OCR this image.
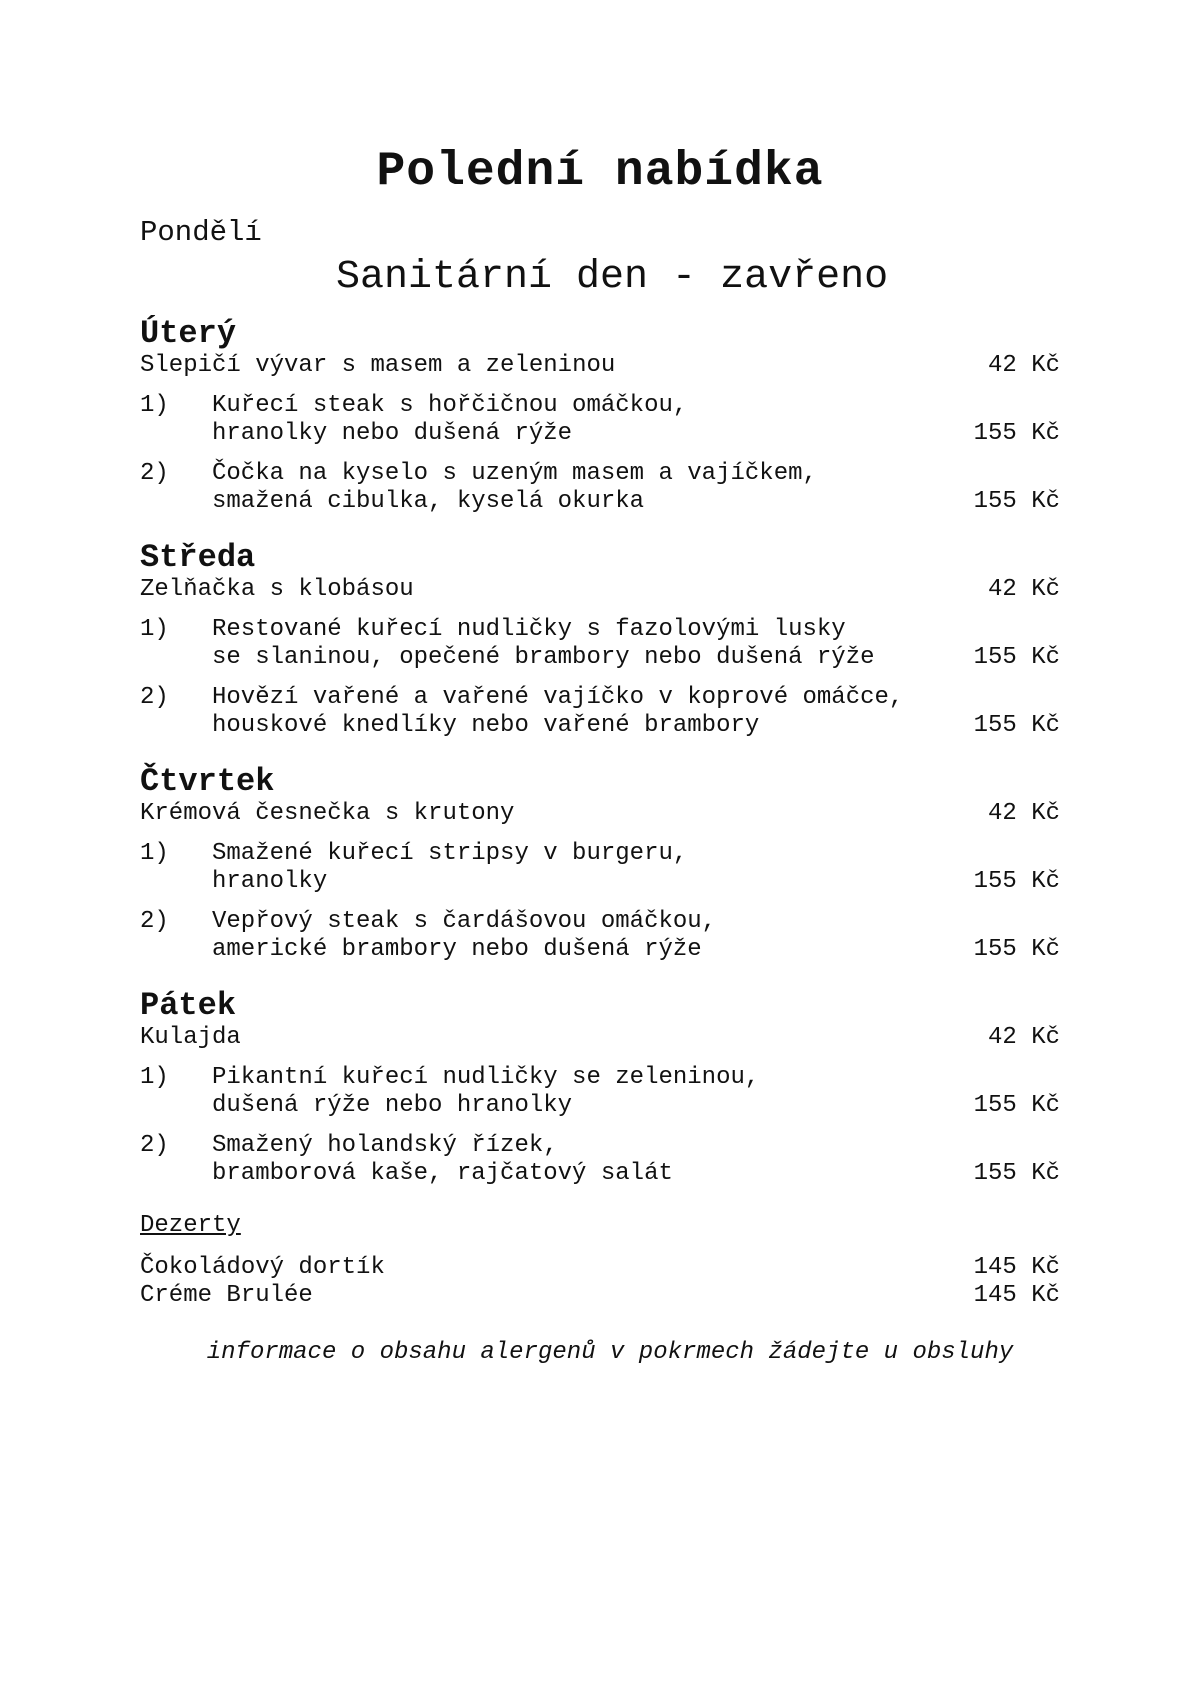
Polední nabídka
Pondělí
Sanitární den - zavřeno
Úterý
Slepičí vývar s masem a zeleninou	42 Kč
1)	Kuřecí steak s hořčičnou omáčkou,
hranolky nebo dušená rýže	155 Kč
2)	Čočka na kyselo s uzeným masem a vajíčkem,
smažená cibulka, kyselá okurka	155 Kč
Středa
Zelňačka s klobásou	42 Kč
1)	Restované kuřecí nudličky s fazolovými lusky
se slaninou, opečené brambory nebo dušená rýže	155 Kč
2)	Hovězí vařené a vařené vajíčko v koprové omáčce,
houskové knedlíky nebo vařené brambory	155 Kč
Čtvrtek
Krémová česnečka s krutony	42 Kč
1)	Smažené kuřecí stripsy v burgeru,
hranolky	155 Kč
2)	Vepřový steak s čardášovou omáčkou,
americké brambory nebo dušená rýže	155 Kč
Pátek
Kulajda	42 Kč
1)	Pikantní kuřecí nudličky se zeleninou,
dušená rýže nebo hranolky	155 Kč
2)	Smažený holandský řízek,
bramborová kaše, rajčatový salát	155 Kč
Dezerty
Čokoládový dortík	145 Kč
Créme Brulée	145 Kč
informace o obsahu alergenů v pokrmech žádejte u obsluhy
